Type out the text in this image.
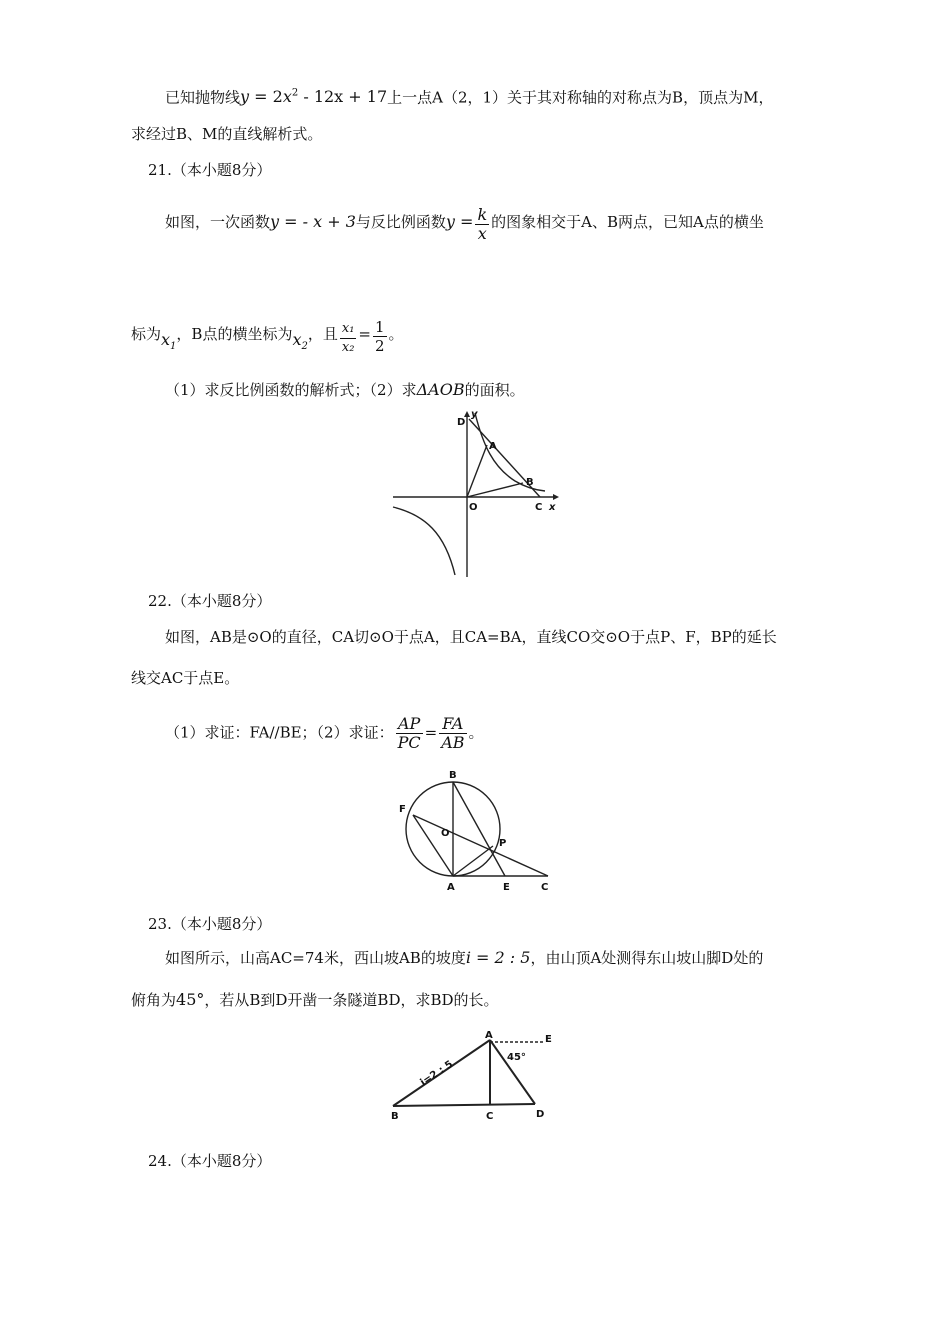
已知抛物线$y = 2x^2 - 12x + 17$上一点A（2，1）关于其对称轴的对称点为B，顶点为M，
求经过B、M的直线解析式。
21.（本小题8分）
如图，一次函数y = - x + 3与反比例函数$y = \frac{k}{x}$ 的图象相交于A、B两点，已知A点的横坐
标为$x_1$，B点的横坐标为$x_2$，且 $\frac{\text{x₁}}{\text{x₂}} = \frac{1}{2}$ 。
（1）求反比例函数的解析式；（2）求ΔAOB的面积。
y
D
A
B
O	C x
22.（本小题8分）
如图，AB是⊙O的直径，CA切⊙O于点A，且CA=BA，直线CO交⊙O于点P、F，BP的延长
线交AC于点E。
（1）求证：FA//BE；（2）求证： $\frac{AP}{PC} = \frac{FA}{AB}$ 。
B
F
O
P
A	E	C
23.（本小题8分）
如图所示，山高AC=74米，西山坡AB的坡度i = 2 : 5，由山顶A处测得东山坡山脚D处的
俯角为45°，若从B到D开凿一条隧道BD，求BD的长。
A	E
45°
i=2 : 5
B	C	D
24.（本小题8分）
